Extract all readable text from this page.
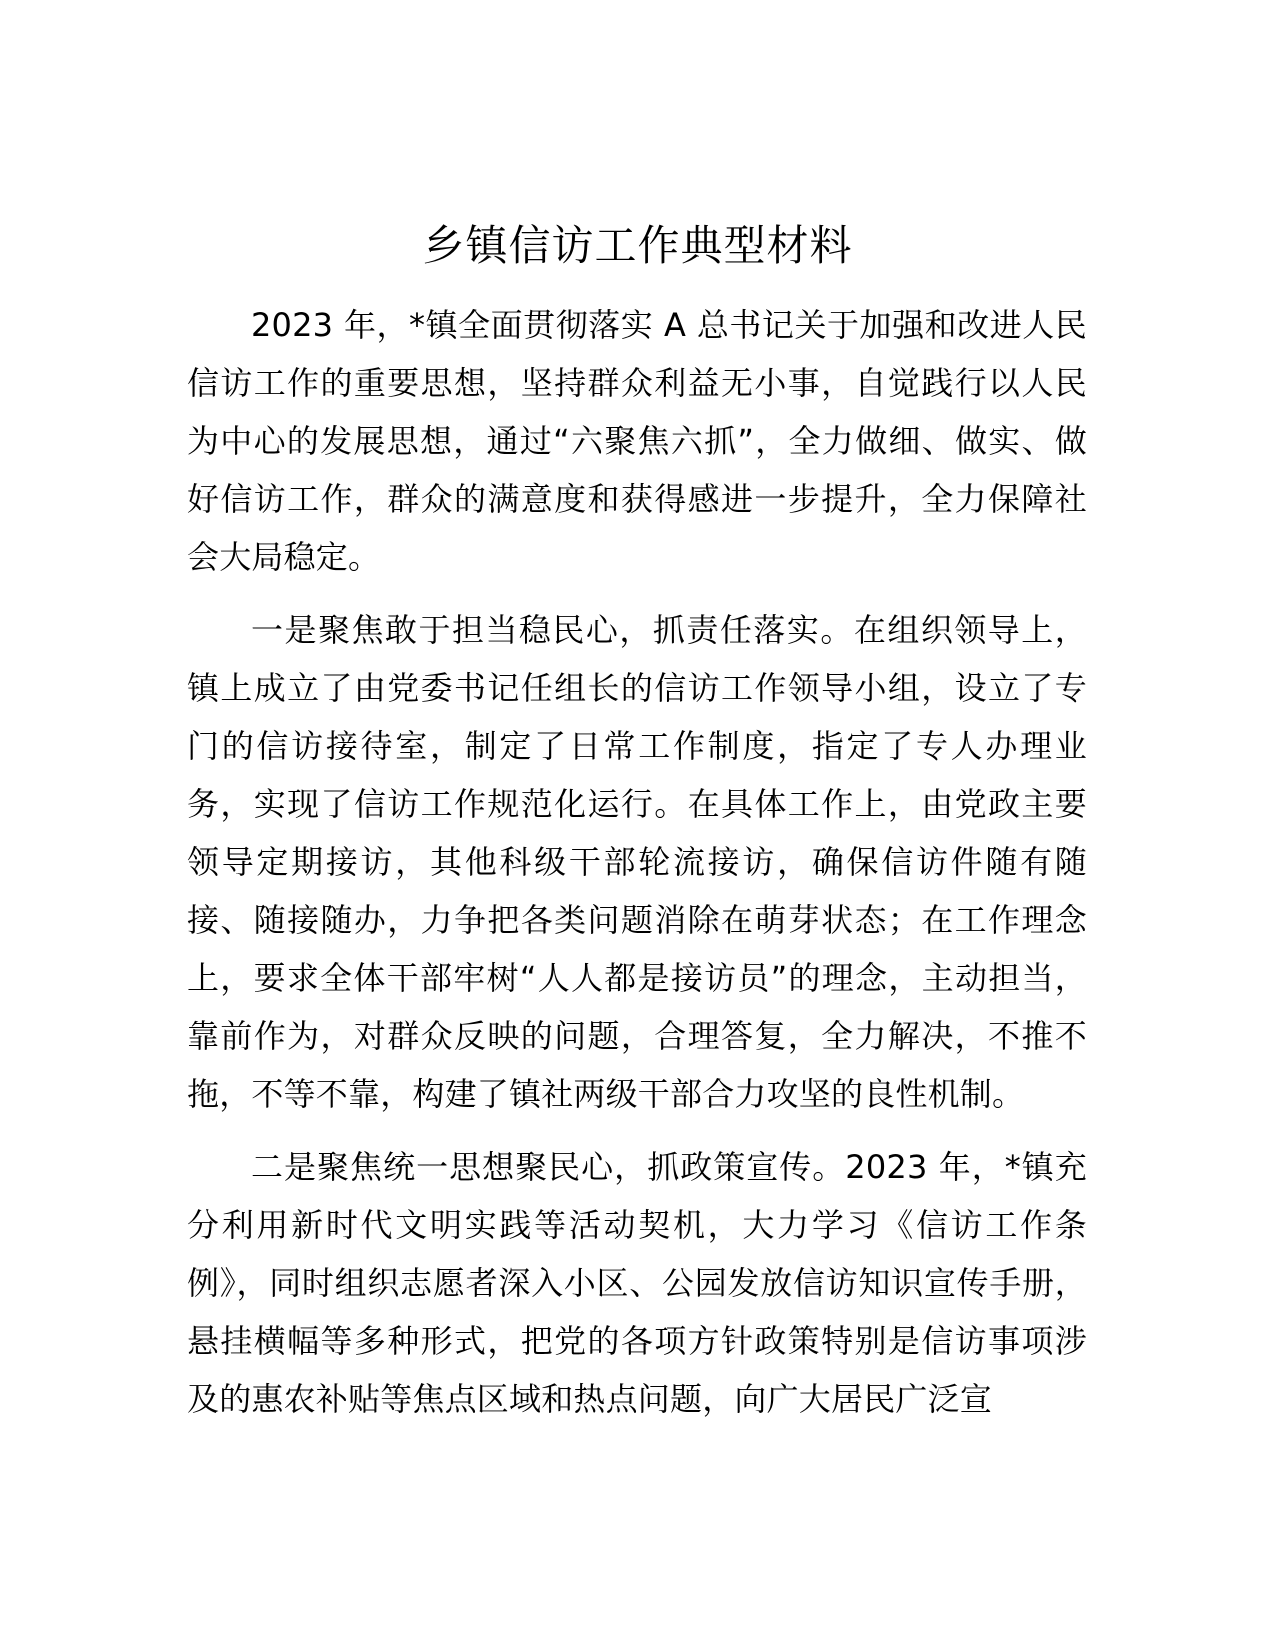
乡镇信访工作典型材料

2023 年，*镇全面贯彻落实 A 总书记关于加强和改进人民信访工作的重要思想，坚持群众利益无小事，自觉践行以人民为中心的发展思想，通过“六聚焦六抓”，全力做细、做实、做好信访工作，群众的满意度和获得感进一步提升，全力保障社会大局稳定。

一是聚焦敢于担当稳民心，抓责任落实。在组织领导上，镇上成立了由党委书记任组长的信访工作领导小组，设立了专门的信访接待室，制定了日常工作制度，指定了专人办理业务，实现了信访工作规范化运行。在具体工作上，由党政主要领导定期接访，其他科级干部轮流接访，确保信访件随有随接、随接随办，力争把各类问题消除在萌芽状态；在工作理念上，要求全体干部牢树“人人都是接访员”的理念，主动担当，靠前作为，对群众反映的问题，合理答复，全力解决，不推不拖，不等不靠，构建了镇社两级干部合力攻坚的良性机制。

二是聚焦统一思想聚民心，抓政策宣传。2023 年，*镇充分利用新时代文明实践等活动契机，大力学习《信访工作条例》，同时组织志愿者深入小区、公园发放信访知识宣传手册，悬挂横幅等多种形式，把党的各项方针政策特别是信访事项涉及的惠农补贴等焦点区域和热点问题，向广大居民广泛宣
